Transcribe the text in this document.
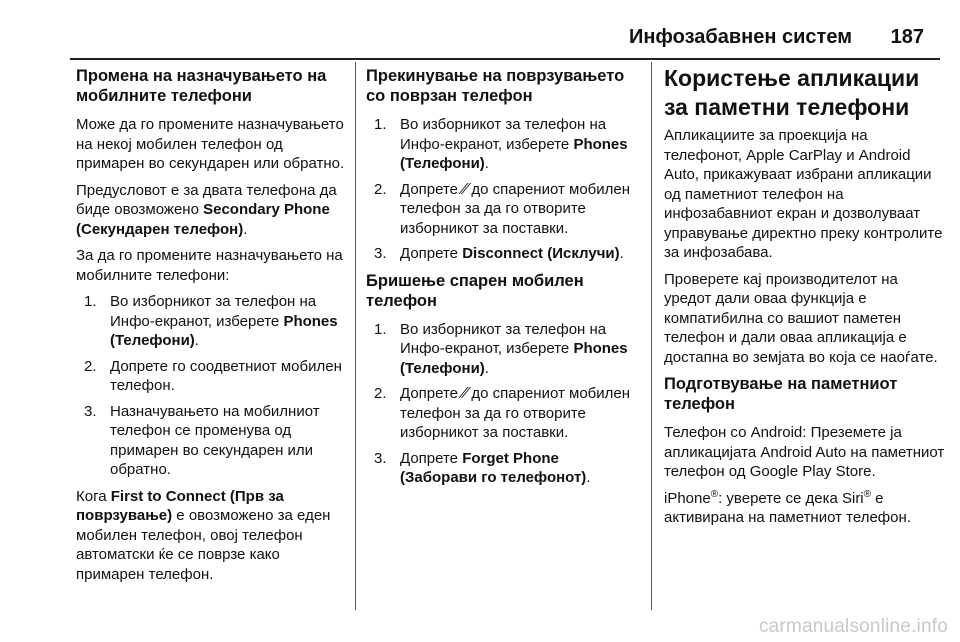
Инфозабавнен систем 187
Промена на назначувањето на мобилните телефони

Може да го промените назначувањето на некој мобилен телефон од примарен во секундарен или обратно.

Предусловот е за двата телефона да биде овозможено Secondary Phone (Секундарен телефон).

За да го промените назначувањето на мобилните телефони:

1. Во изборникот за телефон на Инфо-екранот, изберете Phones (Телефони).
2. Допрете го соодветниот мобилен телефон.
3. Назначувањето на мобилниот телефон се променува од примарен во секундарен или обратно.

Кога First to Connect (Прв за поврзување) е овозможено за еден мобилен телефон, овој телефон автоматски ќе се поврзе како примарен телефон.

Прекинување на поврзувањето со поврзан телефон
1. Во изборникот за телефон на Инфо-екранот, изберете Phones (Телефони).
2. Допрете ⁄⁄ до спарениот мобилен телефон за да го отворите изборникот за поставки.
3. Допрете Disconnect (Исклучи).
Бришење спарен мобилен телефон
1. Во изборникот за телефон на Инфо-екранот, изберете Phones (Телефони).
2. Допрете ⁄⁄ до спарениот мобилен телефон за да го отворите изборникот за поставки.
3. Допрете Forget Phone (Заборави го телефонот).
Користење апликации за паметни телефони

Апликациите за проекција на телефонот, Apple CarPlay и Android Auto, прикажуваат избрани апликации од паметниот телефон на инфозабавниот екран и дозволуваат управување директно преку контролите за инфозабава.

Проверете кај производителот на уредот дали оваа функција е компатибилна со вашиот паметен телефон и дали оваа апликација е достапна во земјата во која се наоѓате.

Подготвување на паметниот телефон

Телефон со Android: Преземете ја апликацијата Android Auto на паметниот телефон од Google Play Store.

iPhone®: уверете се дека Siri® е активирана на паметниот телефон.

carmanualsonline.info
